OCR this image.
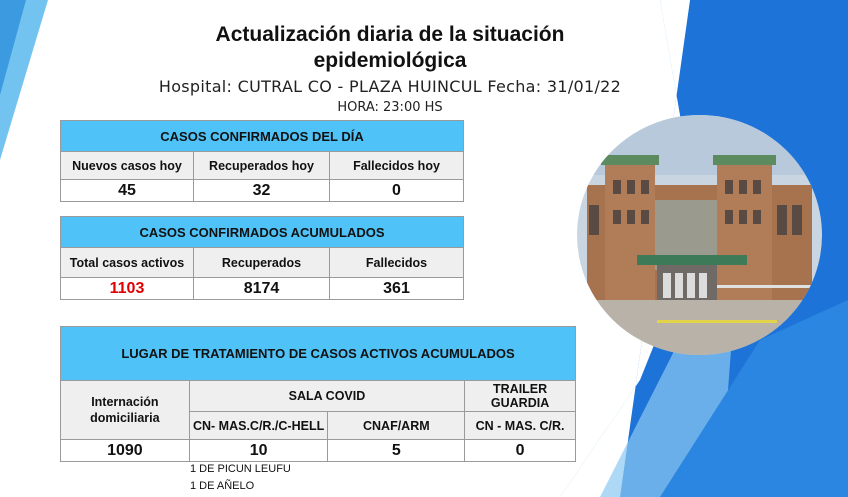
Actualización diaria de la situación epidemiológica
Hospital: CUTRAL CO - PLAZA HUINCUL Fecha: 31/01/22
HORA: 23:00 HS
CASOS CONFIRMADOS DEL DÍA		
Nuevos casos hoy	Recuperados hoy	Fallecidos hoy
45	32	0
CASOS CONFIRMADOS ACUMULADOS		
Total casos activos	Recuperados	Fallecidos
1103	8174	361
LUGAR DE TRATAMIENTO DE CASOS ACTIVOS ACUMULADOS			
Internación domiciliaria	SALA COVID		TRAILER GUARDIA
	CN- MAS.C/R./C-HELL	CNAF/ARM	CN - MAS. C/R.
1090	10	5	0
1 DE PICUN LEUFU
1 DE AÑELO
